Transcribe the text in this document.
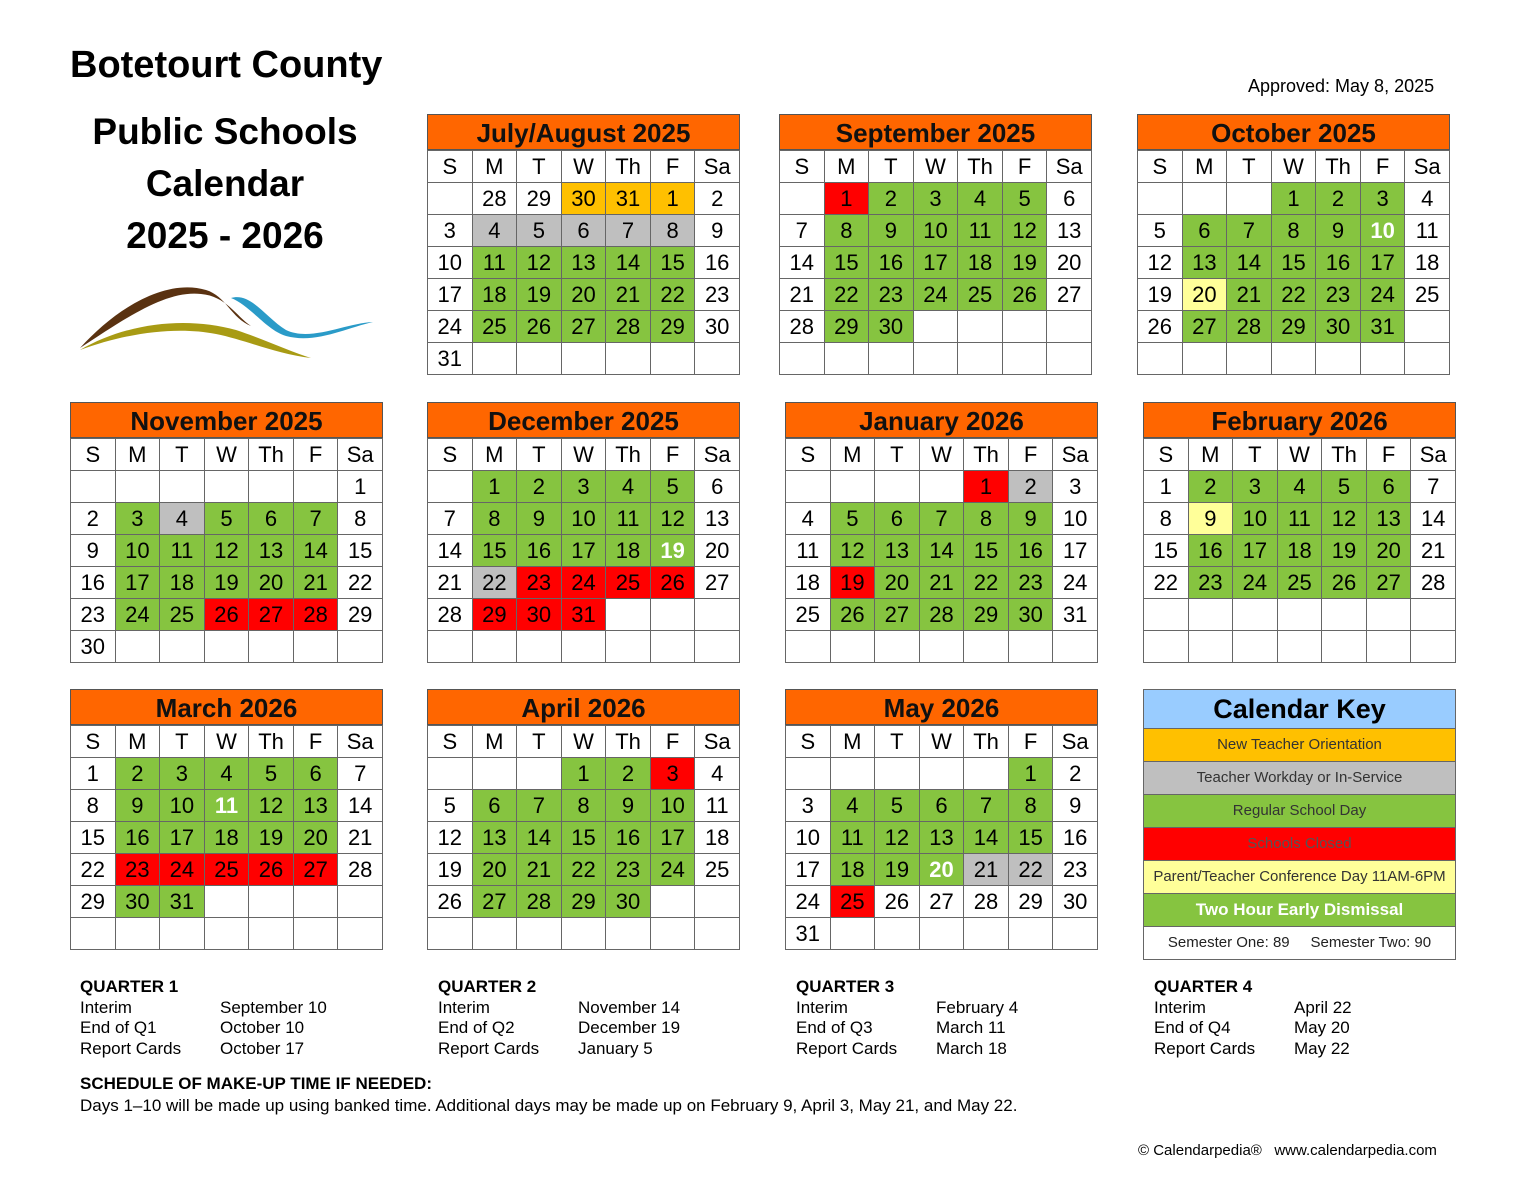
Botetourt County
Public Schools
Calendar
2025 - 2026
Approved: May 8, 2025
July/August 2025
S	M	T	W	Th	F	Sa
	28	29	30	31	1	2
3	4	5	6	7	8	9
10	11	12	13	14	15	16
17	18	19	20	21	22	23
24	25	26	27	28	29	30
31						
September 2025
S	M	T	W	Th	F	Sa
	1	2	3	4	5	6
7	8	9	10	11	12	13
14	15	16	17	18	19	20
21	22	23	24	25	26	27
28	29	30				

October 2025
S	M	T	W	Th	F	Sa
			1	2	3	4
5	6	7	8	9	10	11
12	13	14	15	16	17	18
19	20	21	22	23	24	25
26	27	28	29	30	31	

November 2025
S	M	T	W	Th	F	Sa
						1
2	3	4	5	6	7	8
9	10	11	12	13	14	15
16	17	18	19	20	21	22
23	24	25	26	27	28	29
30						
December 2025
S	M	T	W	Th	F	Sa
	1	2	3	4	5	6
7	8	9	10	11	12	13
14	15	16	17	18	19	20
21	22	23	24	25	26	27
28	29	30	31			

January 2026
S	M	T	W	Th	F	Sa
				1	2	3
4	5	6	7	8	9	10
11	12	13	14	15	16	17
18	19	20	21	22	23	24
25	26	27	28	29	30	31

February 2026
S	M	T	W	Th	F	Sa
1	2	3	4	5	6	7
8	9	10	11	12	13	14
15	16	17	18	19	20	21
22	23	24	25	26	27	28

March 2026
S	M	T	W	Th	F	Sa
1	2	3	4	5	6	7
8	9	10	11	12	13	14
15	16	17	18	19	20	21
22	23	24	25	26	27	28
29	30	31				

April 2026
S	M	T	W	Th	F	Sa
			1	2	3	4
5	6	7	8	9	10	11
12	13	14	15	16	17	18
19	20	21	22	23	24	25
26	27	28	29	30		

May 2026
S	M	T	W	Th	F	Sa
					1	2
3	4	5	6	7	8	9
10	11	12	13	14	15	16
17	18	19	20	21	22	23
24	25	26	27	28	29	30
31						
Calendar Key
New Teacher Orientation
Teacher Workday or In-Service
Regular School Day
Schools Closed
Parent/Teacher Conference Day 11AM-6PM
Two Hour Early Dismissal
Semester One: 89     Semester Two: 90
QUARTER 1
Interim	September 10
End of Q1	October 10
Report Cards	October 17
QUARTER 2
Interim	November 14
End of Q2	December 19
Report Cards	January 5
QUARTER 3
Interim	February 4
End of Q3	March 11
Report Cards	March 18
QUARTER 4
Interim	April 22
End of Q4	May 20
Report Cards	May 22
SCHEDULE OF MAKE-UP TIME IF NEEDED:
Days 1–10 will be made up using banked time. Additional days may be made up on February 9, April 3, May 21, and May 22.
© Calendarpedia®   www.calendarpedia.com
